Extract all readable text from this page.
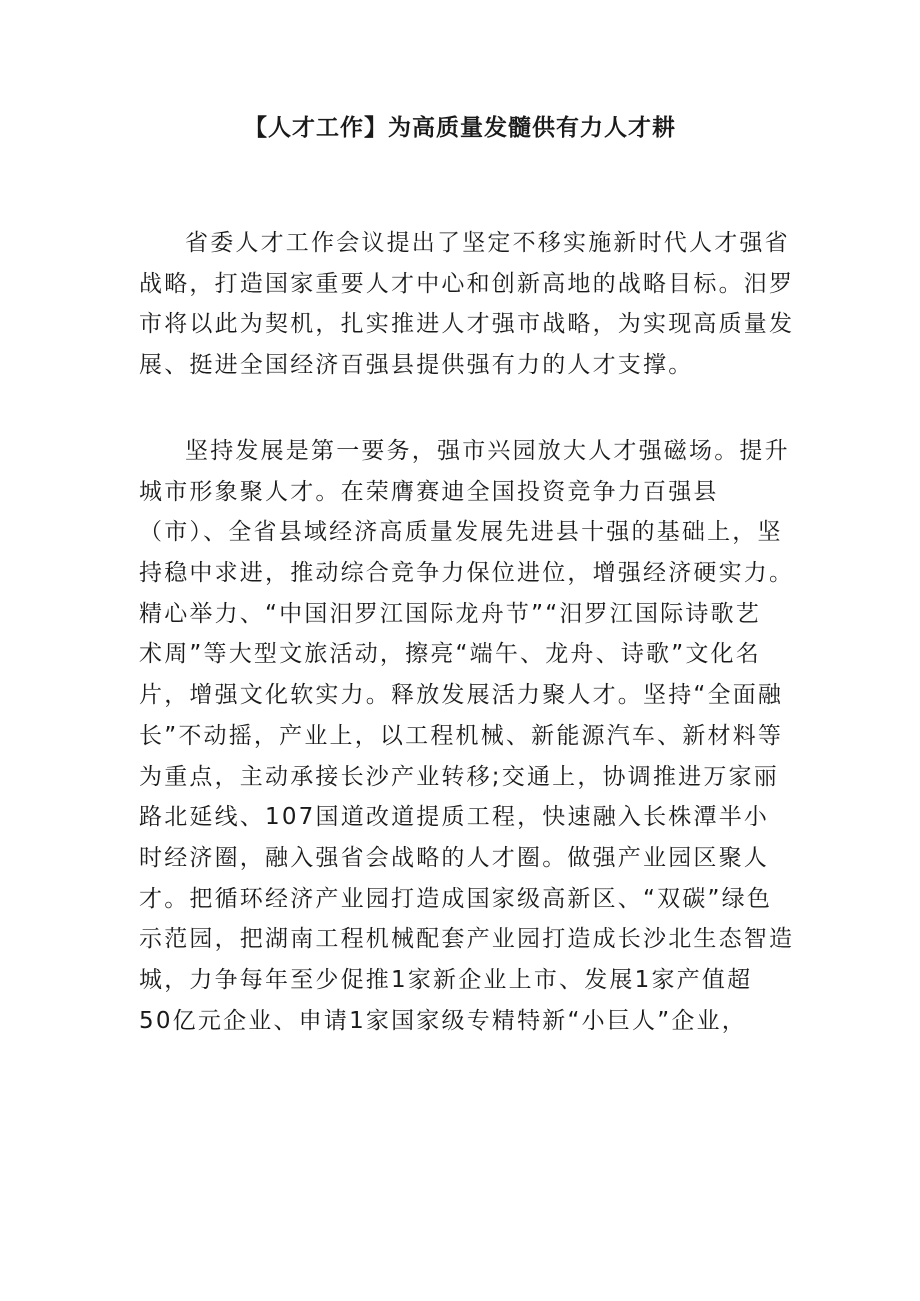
【人才工作】为高质量发髓供有力人才耕
省委人才工作会议提出了坚定不移实施新时代人才强省
战略，打造国家重要人才中心和创新高地的战略目标。汨罗
市将以此为契机，扎实推进人才强市战略，为实现高质量发
展、挺进全国经济百强县提供强有力的人才支撑。
坚持发展是第一要务，强市兴园放大人才强磁场。提升
城市形象聚人才。在荣膺赛迪全国投资竞争力百强县
（市）、全省县域经济高质量发展先进县十强的基础上，坚
持稳中求进，推动综合竞争力保位进位，增强经济硬实力。
精心举力、“中国汨罗江国际龙舟节”“汨罗江国际诗歌艺
术周”等大型文旅活动，擦亮“端午、龙舟、诗歌”文化名
片，增强文化软实力。释放发展活力聚人才。坚持“全面融
长”不动摇，产业上，以工程机械、新能源汽车、新材料等
为重点，主动承接长沙产业转移;交通上，协调推进万家丽
路北延线、107国道改道提质工程，快速融入长株潭半小
时经济圈，融入强省会战略的人才圈。做强产业园区聚人
才。把循环经济产业园打造成国家级高新区、“双碳”绿色
示范园，把湖南工程机械配套产业园打造成长沙北生态智造
城，力争每年至少促推1家新企业上市、发展1家产值超
50亿元企业、申请1家国家级专精特新“小巨人”企业，
